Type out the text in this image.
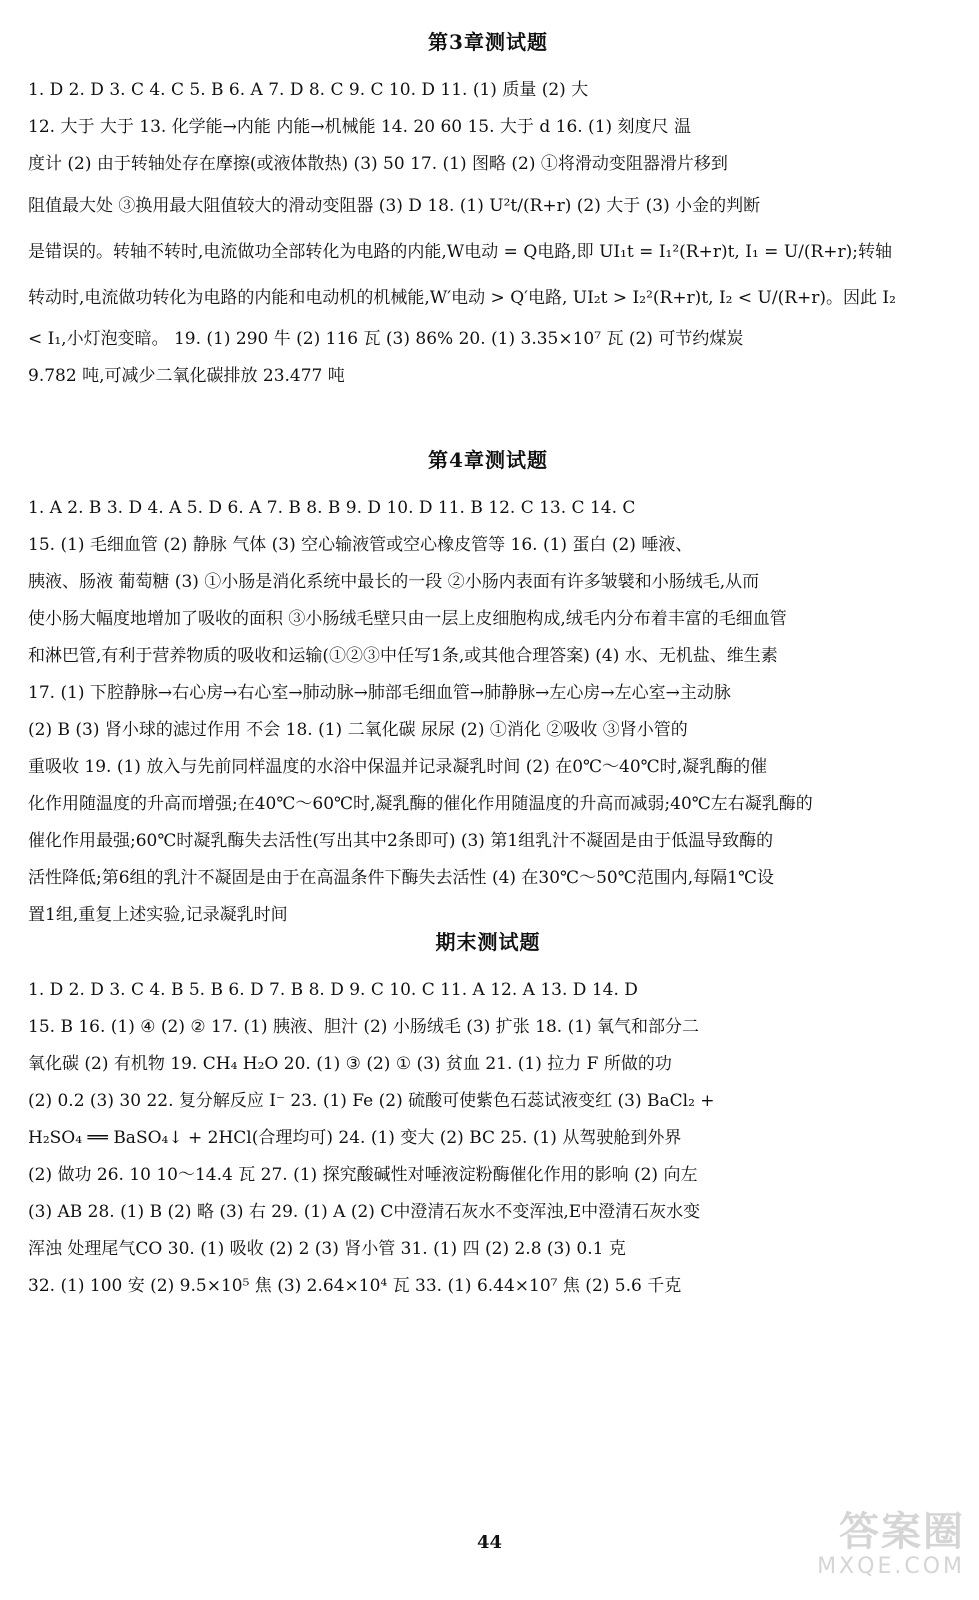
第3章测试题
1. D 2. D 3. C 4. C 5. B 6. A 7. D 8. C 9. C 10. D 11. (1) 质量 (2) 大
12. 大于 大于 13. 化学能→内能 内能→机械能 14. 20 60 15. 大于 d 16. (1) 刻度尺 温
度计 (2) 由于转轴处存在摩擦(或液体散热) (3) 50 17. (1) 图略 (2) ①将滑动变阻器滑片移到
阻值最大处 ③换用最大阻值较大的滑动变阻器 (3) D 18. (1) U²t/(R+r) (2) 大于 (3) 小金的判断
是错误的。转轴不转时,电流做功全部转化为电路的内能,W电动 = Q电路,即 UI₁t = I₁²(R+r)t, I₁ = U/(R+r);转轴
转动时,电流做功转化为电路的内能和电动机的机械能,W′电动 > Q′电路, UI₂t > I₂²(R+r)t, I₂ < U/(R+r)。因此 I₂
< I₁,小灯泡变暗。 19. (1) 290 牛 (2) 116 瓦 (3) 86% 20. (1) 3.35×10⁷ 瓦 (2) 可节约煤炭
9.782 吨,可减少二氧化碳排放 23.477 吨
第4章测试题
1. A 2. B 3. D 4. A 5. D 6. A 7. B 8. B 9. D 10. D 11. B 12. C 13. C 14. C
15. (1) 毛细血管 (2) 静脉 气体 (3) 空心输液管或空心橡皮管等 16. (1) 蛋白 (2) 唾液、
胰液、肠液 葡萄糖 (3) ①小肠是消化系统中最长的一段 ②小肠内表面有许多皱襞和小肠绒毛,从而
使小肠大幅度地增加了吸收的面积 ③小肠绒毛壁只由一层上皮细胞构成,绒毛内分布着丰富的毛细血管
和淋巴管,有利于营养物质的吸收和运输(①②③中任写1条,或其他合理答案) (4) 水、无机盐、维生素
17. (1) 下腔静脉→右心房→右心室→肺动脉→肺部毛细血管→肺静脉→左心房→左心室→主动脉
(2) B (3) 肾小球的滤过作用 不会 18. (1) 二氧化碳 尿尿 (2) ①消化 ②吸收 ③肾小管的
重吸收 19. (1) 放入与先前同样温度的水浴中保温并记录凝乳时间 (2) 在0℃～40℃时,凝乳酶的催
化作用随温度的升高而增强;在40℃～60℃时,凝乳酶的催化作用随温度的升高而减弱;40℃左右凝乳酶的
催化作用最强;60℃时凝乳酶失去活性(写出其中2条即可) (3) 第1组乳汁不凝固是由于低温导致酶的
活性降低;第6组的乳汁不凝固是由于在高温条件下酶失去活性 (4) 在30℃～50℃范围内,每隔1℃设
置1组,重复上述实验,记录凝乳时间
期末测试题
1. D 2. D 3. C 4. B 5. B 6. D 7. B 8. D 9. C 10. C 11. A 12. A 13. D 14. D
15. B 16. (1) ④ (2) ② 17. (1) 胰液、胆汁 (2) 小肠绒毛 (3) 扩张 18. (1) 氧气和部分二
氧化碳 (2) 有机物 19. CH₄ H₂O 20. (1) ③ (2) ① (3) 贫血 21. (1) 拉力 F 所做的功
(2) 0.2 (3) 30 22. 复分解反应 I⁻ 23. (1) Fe (2) 硫酸可使紫色石蕊试液变红 (3) BaCl₂ +
H₂SO₄ ══ BaSO₄↓ + 2HCl(合理均可) 24. (1) 变大 (2) BC 25. (1) 从驾驶舱到外界
(2) 做功 26. 10 10～14.4 瓦 27. (1) 探究酸碱性对唾液淀粉酶催化作用的影响 (2) 向左
(3) AB 28. (1) B (2) 略 (3) 右 29. (1) A (2) C中澄清石灰水不变浑浊,E中澄清石灰水变
浑浊 处理尾气CO 30. (1) 吸收 (2) 2 (3) 肾小管 31. (1) 四 (2) 2.8 (3) 0.1 克
32. (1) 100 安 (2) 9.5×10⁵ 焦 (3) 2.64×10⁴ 瓦 33. (1) 6.44×10⁷ 焦 (2) 5.6 千克
44	答案圈
MXQE.COM
